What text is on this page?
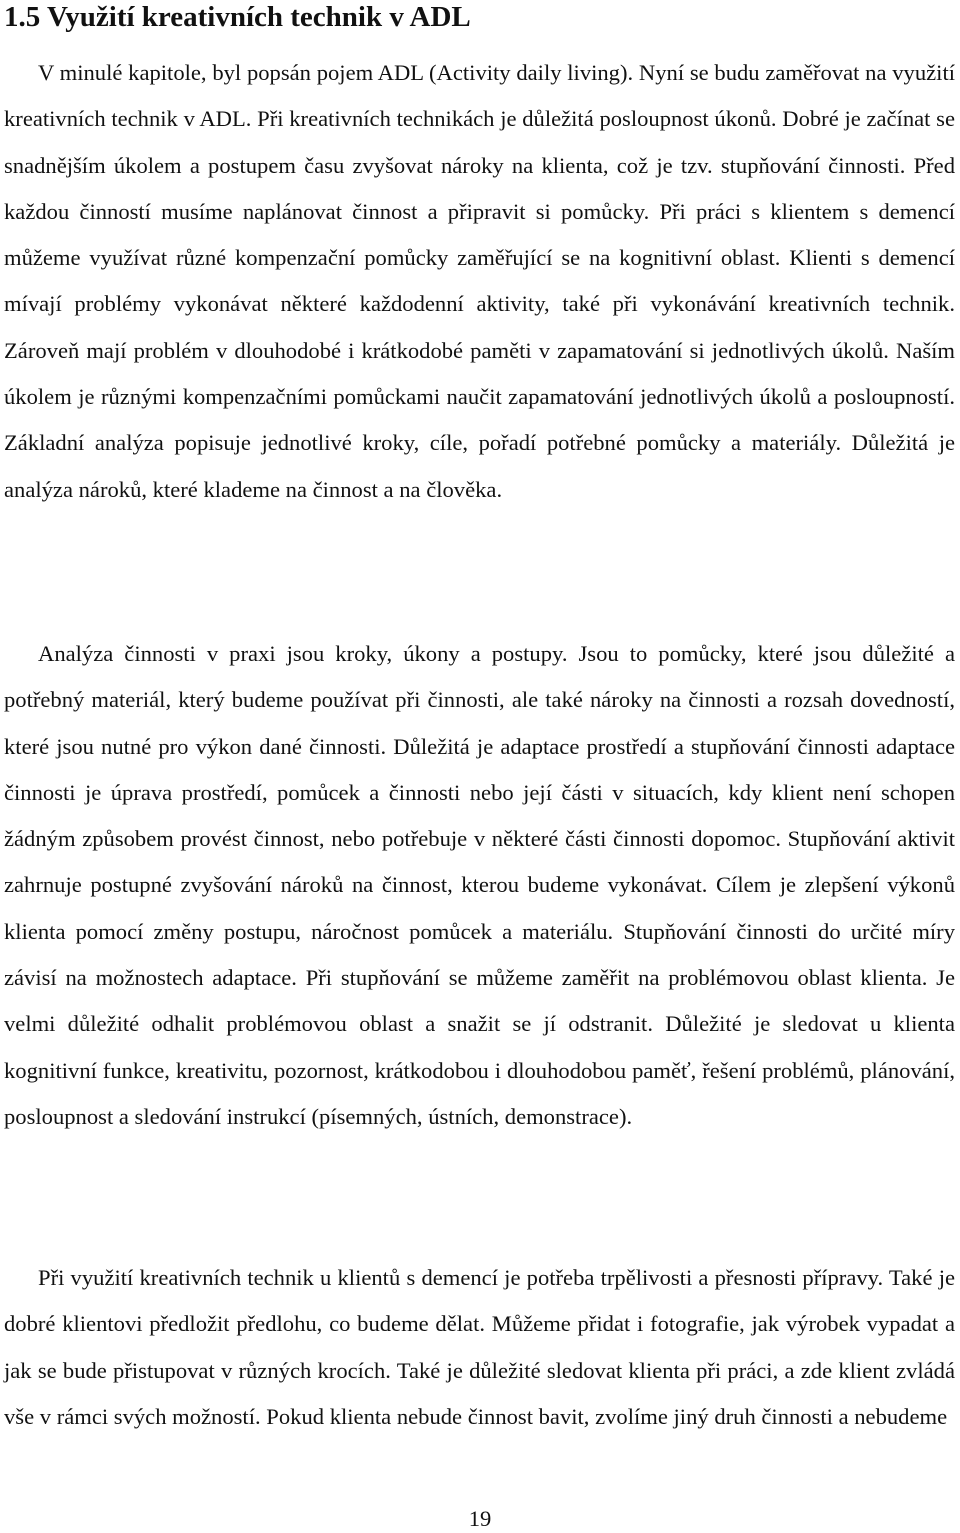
1.5 Využití kreativních technik v ADL

V minulé kapitole, byl popsán pojem ADL (Activity daily living). Nyní se budu zaměřovat na využití kreativních technik v ADL. Při kreativních technikách je důležitá posloupnost úkonů. Dobré je začínat se snadnějším úkolem a postupem času zvyšovat nároky na klienta, což je tzv. stupňování činnosti. Před každou činností musíme naplánovat činnost a připravit si pomůcky. Při práci s klientem s demencí můžeme využívat různé kompenzační pomůcky zaměřující se na kognitivní oblast. Klienti s demencí mívají problémy vykonávat některé každodenní aktivity, také při vykonávání kreativních technik. Zároveň mají problém v dlouhodobé i krátkodobé paměti v zapamatování si jednotlivých úkolů. Naším úkolem je různými kompenzačními pomůckami naučit zapamatování jednotlivých úkolů a posloupností. Základní analýza popisuje jednotlivé kroky, cíle, pořadí potřebné pomůcky a materiály. Důležitá je analýza nároků, které klademe na činnost a na člověka.

Analýza činnosti v praxi jsou kroky, úkony a postupy. Jsou to pomůcky, které jsou důležité a potřebný materiál, který budeme používat při činnosti, ale také nároky na činnosti a rozsah dovedností, které jsou nutné pro výkon dané činnosti. Důležitá je adaptace prostředí a stupňování činnosti adaptace činnosti je úprava prostředí, pomůcek a činnosti nebo její části v situacích, kdy klient není schopen žádným způsobem provést činnost, nebo potřebuje v některé části činnosti dopomoc. Stupňování aktivit zahrnuje postupné zvyšování nároků na činnost, kterou budeme vykonávat. Cílem je zlepšení výkonů klienta pomocí změny postupu, náročnost pomůcek a materiálu. Stupňování činnosti do určité míry závisí na možnostech adaptace. Při stupňování se můžeme zaměřit na problémovou oblast klienta. Je velmi důležité odhalit problémovou oblast a snažit se jí odstranit. Důležité je sledovat u klienta kognitivní funkce, kreativitu, pozornost, krátkodobou i dlouhodobou paměť, řešení problémů, plánování, posloupnost a sledování instrukcí (písemných, ústních, demonstrace).

Při využití kreativních technik u klientů s demencí je potřeba trpělivosti a přesnosti přípravy. Také je dobré klientovi předložit předlohu, co budeme dělat. Můžeme přidat i fotografie, jak výrobek vypadat a jak se bude přistupovat v různých krocích. Také je důležité sledovat klienta při práci, a zde klient zvládá vše v rámci svých možností. Pokud klienta nebude činnost bavit, zvolíme jiný druh činnosti a nebudeme

19
